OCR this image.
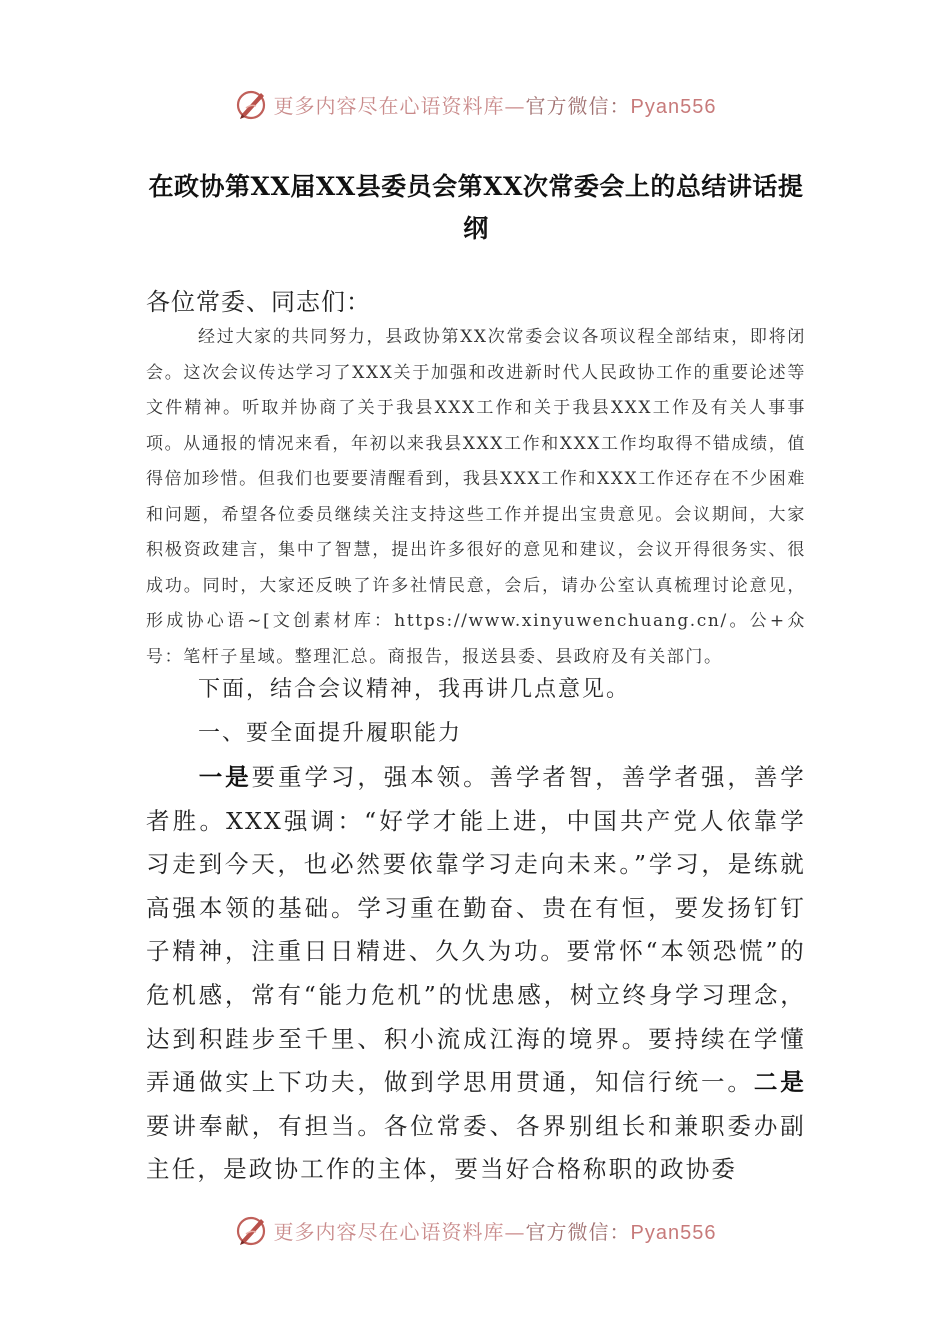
更多内容尽在心语资料库—官方微信：Pyan556
在政协第XX届XX县委员会第XX次常委会上的总结讲话提纲
各位常委、同志们：
经过大家的共同努力，县政协第XX次常委会议各项议程全部结束，即将闭会。这次会议传达学习了XXX关于加强和改进新时代人民政协工作的重要论述等文件精神。听取并协商了关于我县XXX工作和关于我县XXX工作及有关人事事项。从通报的情况来看，年初以来我县XXX工作和XXX工作均取得不错成绩，值得倍加珍惜。但我们也要要清醒看到，我县XXX工作和XXX工作还存在不少困难和问题，希望各位委员继续关注支持这些工作并提出宝贵意见。会议期间，大家积极资政建言，集中了智慧，提出许多很好的意见和建议，会议开得很务实、很成功。同时，大家还反映了许多社情民意，会后，请办公室认真梳理讨论意见，形成协心语~[文创素材库：https://www.xinyuwenchuang.cn/。公+众号：笔杆子星域。整理汇总。商报告，报送县委、县政府及有关部门。
下面，结合会议精神，我再讲几点意见。
一、要全面提升履职能力
一是要重学习，强本领。善学者智，善学者强，善学者胜。XXX强调：“好学才能上进，中国共产党人依靠学习走到今天，也必然要依靠学习走向未来。”学习，是练就高强本领的基础。学习重在勤奋、贵在有恒，要发扬钉钉子精神，注重日日精进、久久为功。要常怀“本领恐慌”的危机感，常有“能力危机”的忧患感，树立终身学习理念，达到积跬步至千里、积小流成江海的境界。要持续在学懂弄通做实上下功夫，做到学思用贯通，知信行统一。二是要讲奉献，有担当。各位常委、各界别组长和兼职委办副主任，是政协工作的主体，要当好合格称职的政协委
更多内容尽在心语资料库—官方微信：Pyan556
